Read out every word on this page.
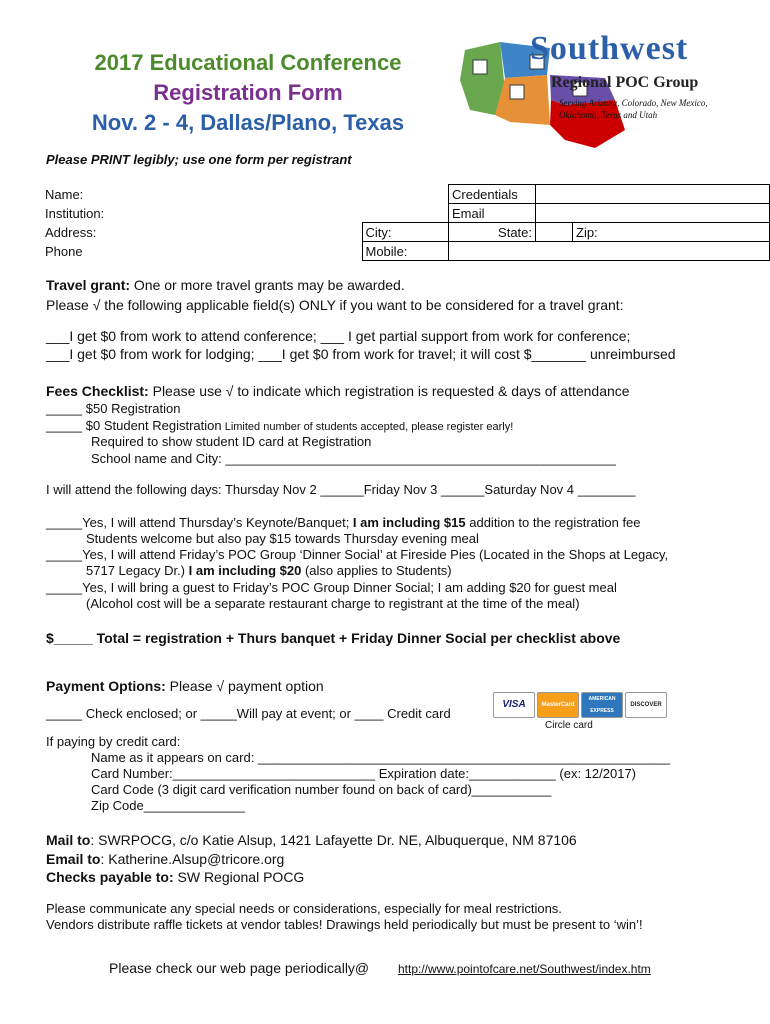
2017 Educational Conference
Registration Form
Nov. 2 - 4, Dallas/Plano, Texas
Southwest
Regional POC Group
Serving Arizona, Colorado, New Mexico,
Oklahoma, Texas and Utah
Please PRINT legibly; use one form per registrant
Name:		Credentials		
Institution:		Email		
Address:	City:	State:		Zip:
Phone	Mobile:			
Travel grant: One or more travel grants may be awarded.
Please √ the following applicable field(s) ONLY if you want to be considered for a travel grant:
___I get $0 from work to attend conference; ___ I get partial support from work for conference;
___I get $0 from work for lodging; ___I get $0 from work for travel; it will cost $_______ unreimbursed
Fees Checklist: Please use √ to indicate which registration is requested & days of attendance
_____ $50 Registration
_____ $0 Student Registration Limited number of students accepted, please register early!
Required to show student ID card at Registration
School name and City: ______________________________________________________
I will attend the following days: Thursday Nov 2 ______Friday Nov 3 ______Saturday Nov 4 ________
_____Yes, I will attend Thursday’s Keynote/Banquet; I am including $15 addition to the registration fee
Students welcome but also pay $15 towards Thursday evening meal
_____Yes, I will attend Friday’s POC Group ‘Dinner Social’ at Fireside Pies (Located in the Shops at Legacy,
5717 Legacy Dr.) I am including $20 (also applies to Students)
_____Yes, I will bring a guest to Friday’s POC Group Dinner Social; I am adding $20 for guest meal
(Alcohol cost will be a separate restaurant charge to registrant at the time of the meal)
$_____ Total = registration + Thurs banquet + Friday Dinner Social per checklist above
Payment Options: Please √ payment option
_____ Check enclosed; or _____Will pay at event; or ____ Credit card
VISA	MasterCard
AMERICAN EXPRESS
DISCOVER
Circle card
If paying by credit card:
Name as it appears on card: _________________________________________________________
Card Number:____________________________ Expiration date:____________ (ex: 12/2017)
Card Code (3 digit card verification number found on back of card)___________
Zip Code______________
Mail to: SWRPOCG, c/o Katie Alsup, 1421 Lafayette Dr. NE, Albuquerque, NM 87106
Email to: Katherine.Alsup@tricore.org
Checks payable to: SW Regional POCG
Please communicate any special needs or considerations, especially for meal restrictions.
Vendors distribute raffle tickets at vendor tables! Drawings held periodically but must be present to ‘win’!
Please check our web page periodically@ http://www.pointofcare.net/Southwest/index.htm
